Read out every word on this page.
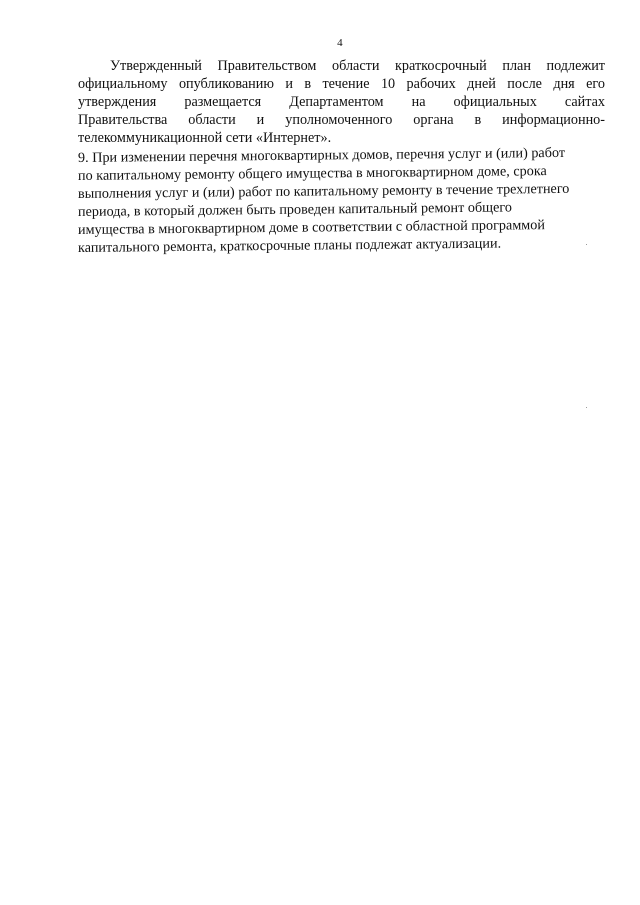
4
Утвержденный Правительством области краткосрочный план подлежит
официальному опубликованию и в течение 10 рабочих дней после дня его
утверждения размещается Департаментом на официальных сайтах
Правительства области и уполномоченного органа в информационно-
телекоммуникационной сети «Интернет».
9. При изменении перечня многоквартирных домов, перечня услуг и (или) работ
по капитальному ремонту общего имущества в многоквартирном доме, срока
выполнения услуг и (или) работ по капитальному ремонту в течение трехлетнего
периода, в который должен быть проведен капитальный ремонт общего
имущества в многоквартирном доме в соответствии с областной программой
капитального ремонта, краткосрочные планы подлежат актуализации.
